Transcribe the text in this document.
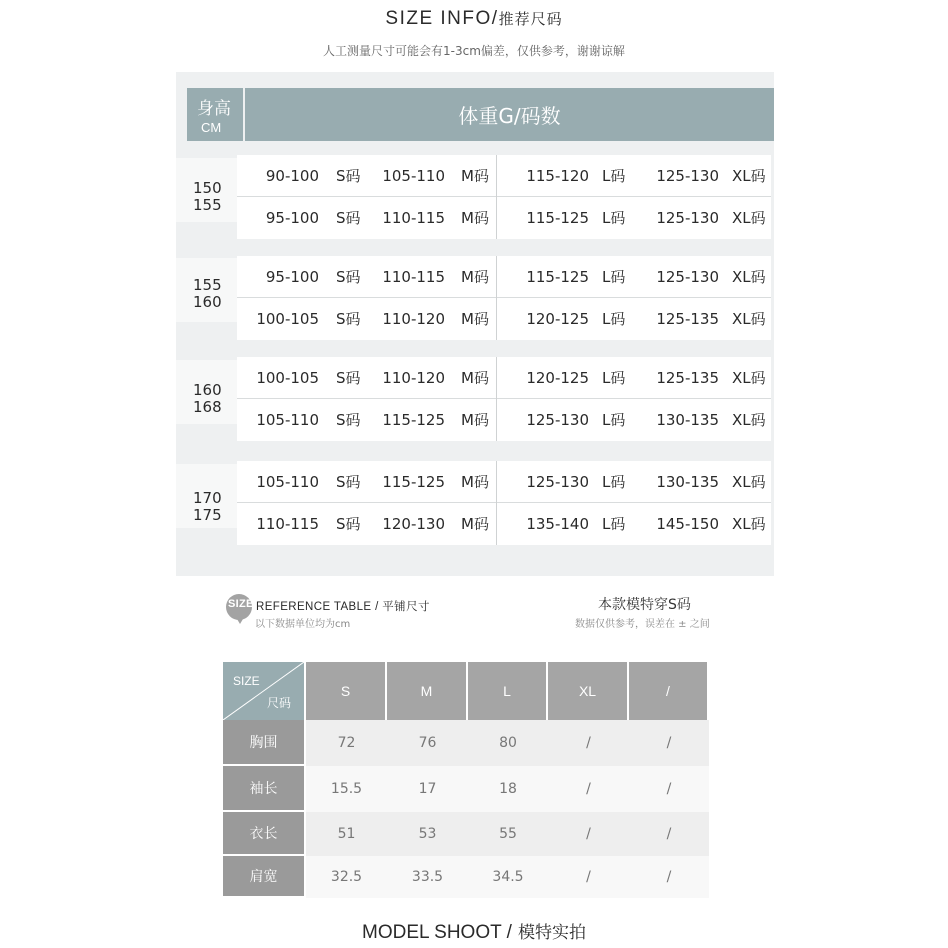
SIZE INFO/推荐尺码
人工测量尺寸可能会有1-3cm偏差，仅供参考，谢谢谅解
身高
CM	体重G/码数
150
155
90-100 S码	105-110 M码	115-120 L码	125-130 XL码
95-100 S码	110-115 M码	115-125 L码	125-130 XL码
155
160
95-100 S码	110-115 M码	115-125 L码	125-130 XL码
100-105 S码	110-120 M码	120-125 L码	125-135 XL码
160
168
100-105 S码	110-120 M码	120-125 L码	125-135 XL码
105-110 S码	115-125 M码	125-130 L码	130-135 XL码
170
175
105-110 S码	115-125 M码	125-130 L码	130-135 XL码
110-115 S码	120-130 M码	135-140 L码	145-150 XL码
SIZE REFERENCE TABLE / 平铺尺寸
以下数据单位均为cm
本款模特穿S码
数据仅供参考，误差在 ± 之间
SIZE
尺码
S	M	L	XL	/
胸围	72	76	80	/	/
袖长	15.5	17	18	/	/
衣长	51	53	55	/	/
肩宽	32.5	33.5	34.5	/	/
MODEL SHOOT / 模特实拍
